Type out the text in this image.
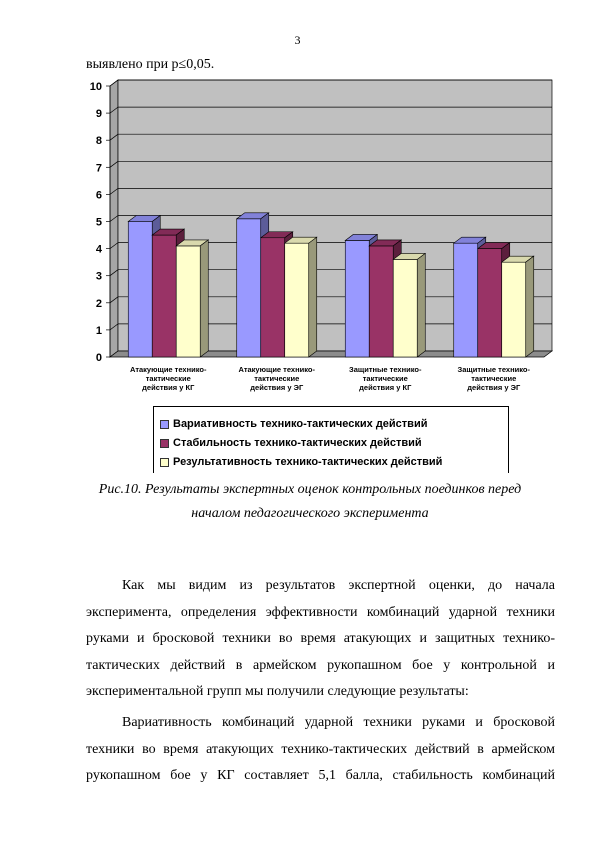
3
выявлено при р≤0,05.
0
1
2
3
4
5
6
7
8
9
10
Атакующие технико-
тактические
действия у КГ
Атакующие технико-
тактические
действия у ЭГ
Защитные технико-
тактические
действия у КГ
Защитные технико-
тактические
действия у ЭГ
Вариативность технико-тактических действий
Стабильность технико-тактических действий
Результативность технико-тактических действий
Рис.10. Результаты экспертных оценок контрольных поединков перед
началом педагогического эксперимента
Как мы видим из результатов экспертной оценки, до начала
эксперимента, определения эффективности комбинаций ударной техники
руками и бросковой техники во время атакующих и защитных технико-
тактических действий в армейском рукопашном бое у контрольной и
экспериментальной групп мы получили следующие результаты:
Вариативность комбинаций ударной техники руками и бросковой
техники во время атакующих технико-тактических действий в армейском
рукопашном бое у КГ составляет 5,1 балла, стабильность комбинаций
